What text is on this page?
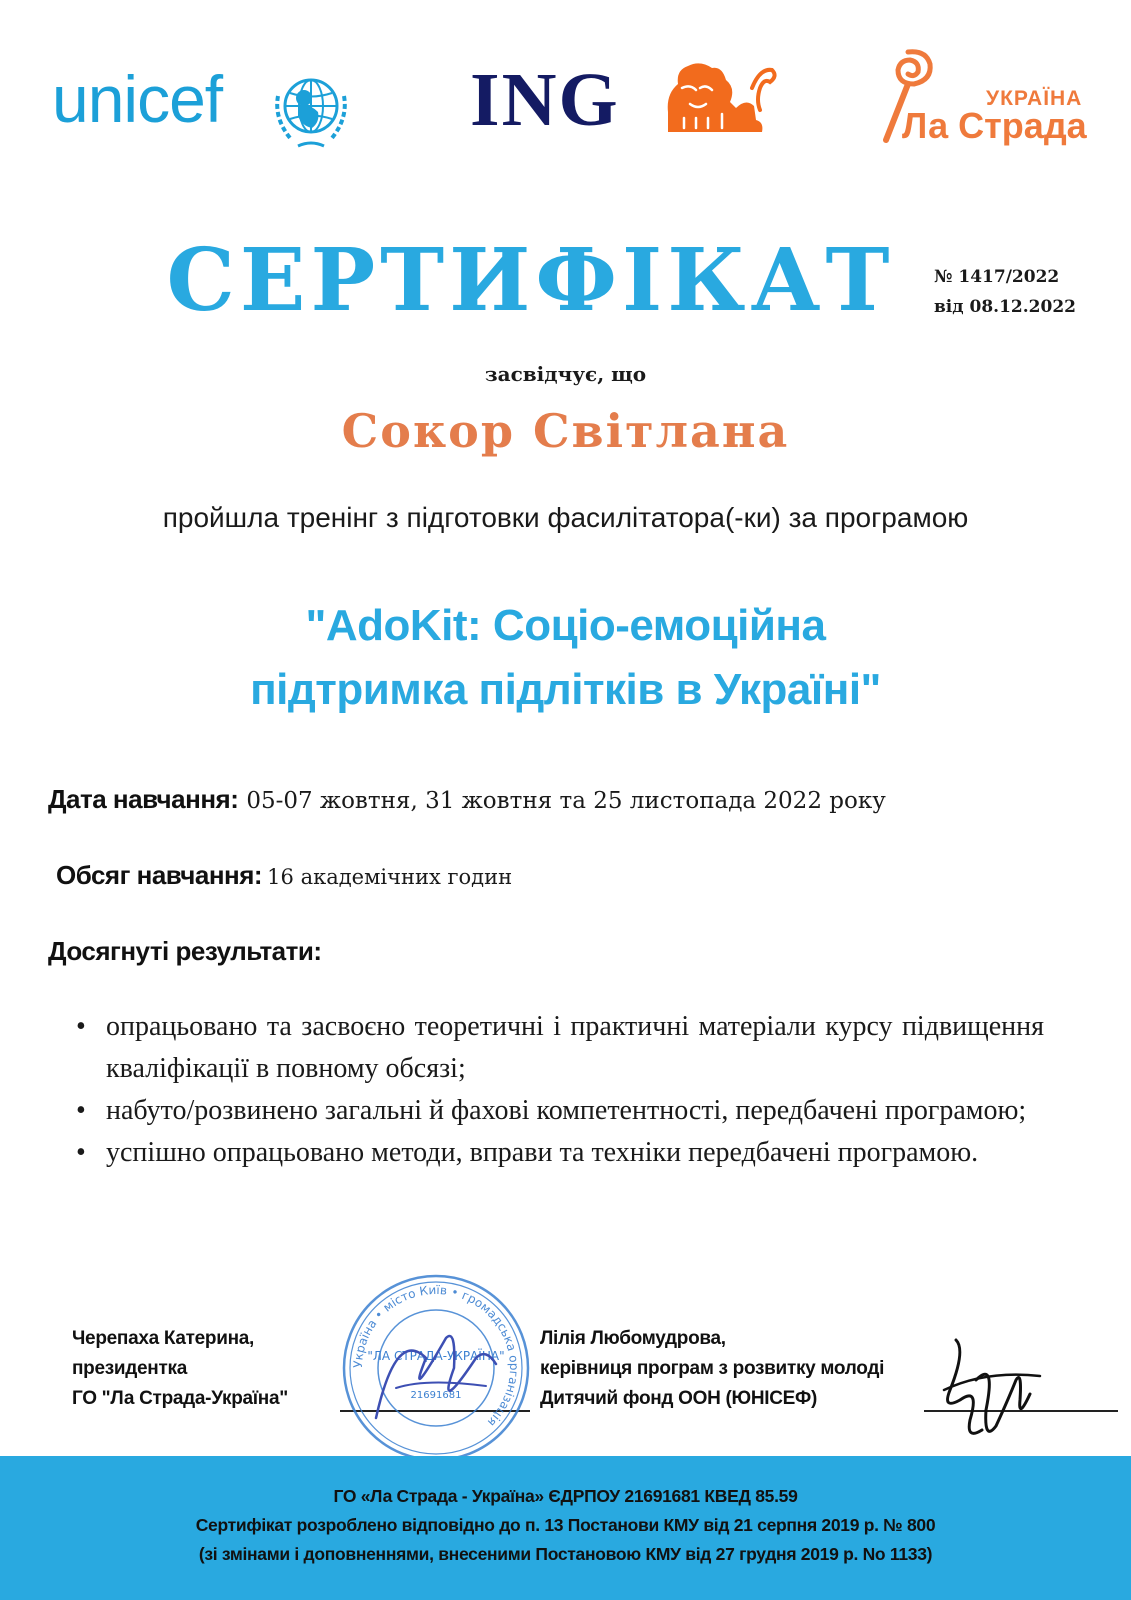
unicef	ING	УКРАЇНА
Ла Страда
СЕРТИФІКАТ	№ 1417/2022
від 08.12.2022
засвідчує, що
Сокор Світлана
пройшла тренінг з підготовки фасилітатора(-ки) за програмою
"AdoKit: Соціо-емоційна
підтримка підлітків в Україні"
Дата навчання: 05-07 жовтня, 31 жовтня та 25 листопада 2022 року
Обсяг навчання: 16 академічних годин
Досягнуті результати:
• опрацьовано та засвоєно теоретичні і практичні матеріали курсу підвищення кваліфікації в повному обсязі;
• набуто/розвинено загальні й фахові компетентності, передбачені програмою;
• успішно опрацьовано методи, вправи та техніки передбачені програмою.
Черепаха Катерина,
президентка
ГО "Ла Страда-Україна"
Україна • місто Київ • громадська організація
"ЛА СТРАДА-УКРАЇНА"
21691681
Лілія Любомудрова,
керівниця програм з розвитку молоді
Дитячий фонд ООН (ЮНІСЕФ)
ГО «Ла Страда - Україна» ЄДРПОУ 21691681 КВЕД 85.59
Сертифікат розроблено відповідно до п. 13 Постанови КМУ від 21 серпня 2019 р. № 800
(зі змінами і доповненнями, внесеними Постановою КМУ від 27 грудня 2019 р. No 1133)
